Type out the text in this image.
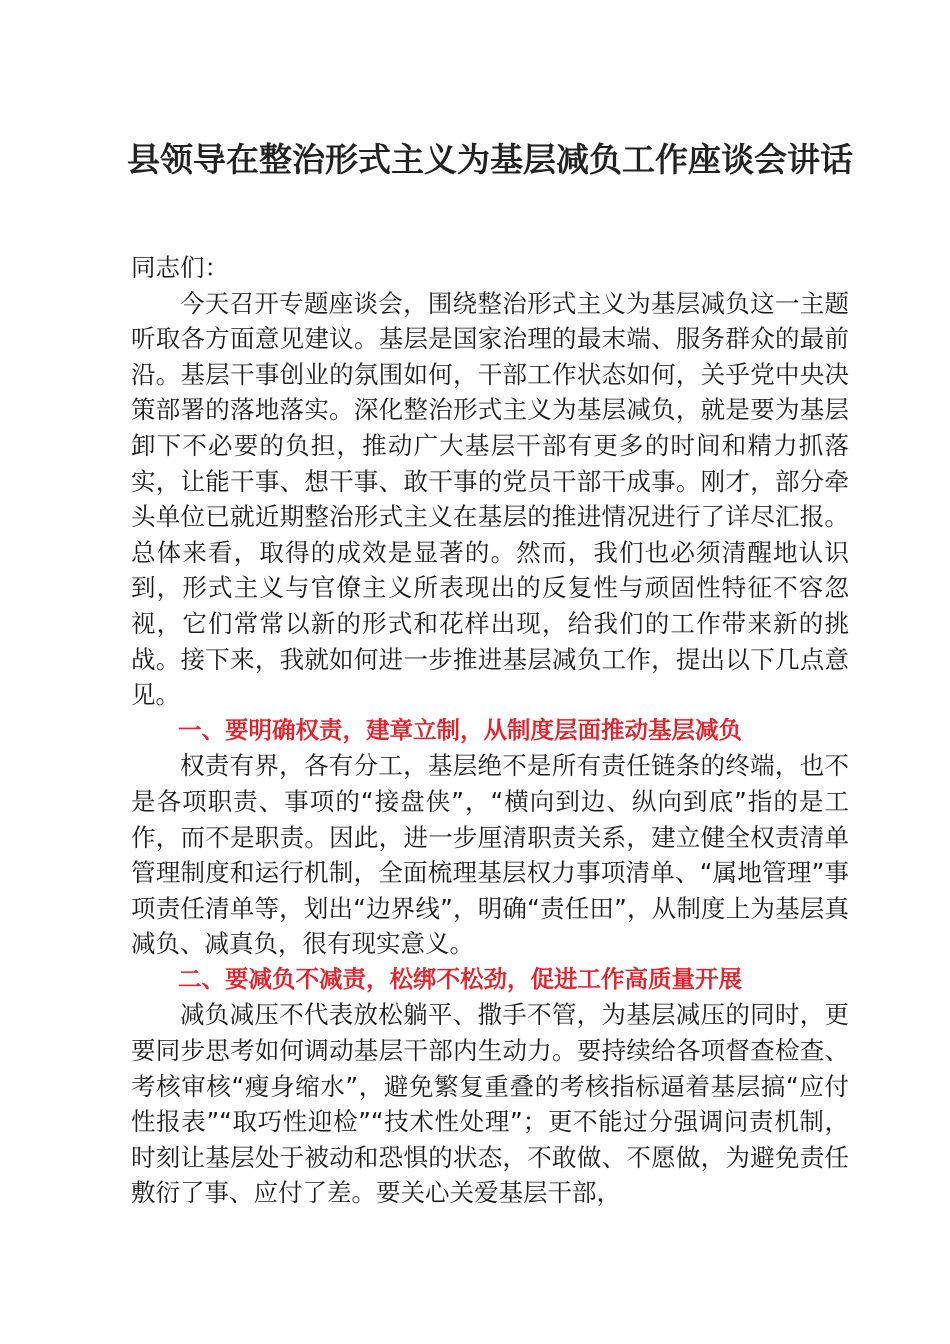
县领导在整治形式主义为基层减负工作座谈会讲话

同志们：

今天召开专题座谈会，围绕整治形式主义为基层减负这一主题听取各方面意见建议。基层是国家治理的最末端、服务群众的最前沿。基层干事创业的氛围如何，干部工作状态如何，关乎党中央决策部署的落地落实。深化整治形式主义为基层减负，就是要为基层卸下不必要的负担，推动广大基层干部有更多的时间和精力抓落实，让能干事、想干事、敢干事的党员干部干成事。刚才，部分牵头单位已就近期整治形式主义在基层的推进情况进行了详尽汇报。总体来看，取得的成效是显著的。然而，我们也必须清醒地认识到，形式主义与官僚主义所表现出的反复性与顽固性特征不容忽视，它们常常以新的形式和花样出现，给我们的工作带来新的挑战。接下来，我就如何进一步推进基层减负工作，提出以下几点意见。

一、要明确权责，建章立制，从制度层面推动基层减负

权责有界，各有分工，基层绝不是所有责任链条的终端，也不是各项职责、事项的“接盘侠”，“横向到边、纵向到底”指的是工作，而不是职责。因此，进一步厘清职责关系，建立健全权责清单管理制度和运行机制，全面梳理基层权力事项清单、“属地管理”事项责任清单等，划出“边界线”，明确“责任田”，从制度上为基层真减负、减真负，很有现实意义。

二、要减负不减责，松绑不松劲，促进工作高质量开展

减负减压不代表放松躺平、撒手不管，为基层减压的同时，更要同步思考如何调动基层干部内生动力。要持续给各项督查检查、考核审核“瘦身缩水”，避免繁复重叠的考核指标逼着基层搞“应付性报表”“取巧性迎检”“技术性处理”；更不能过分强调问责机制，时刻让基层处于被动和恐惧的状态，不敢做、不愿做，为避免责任敷衍了事、应付了差。要关心关爱基层干部，
